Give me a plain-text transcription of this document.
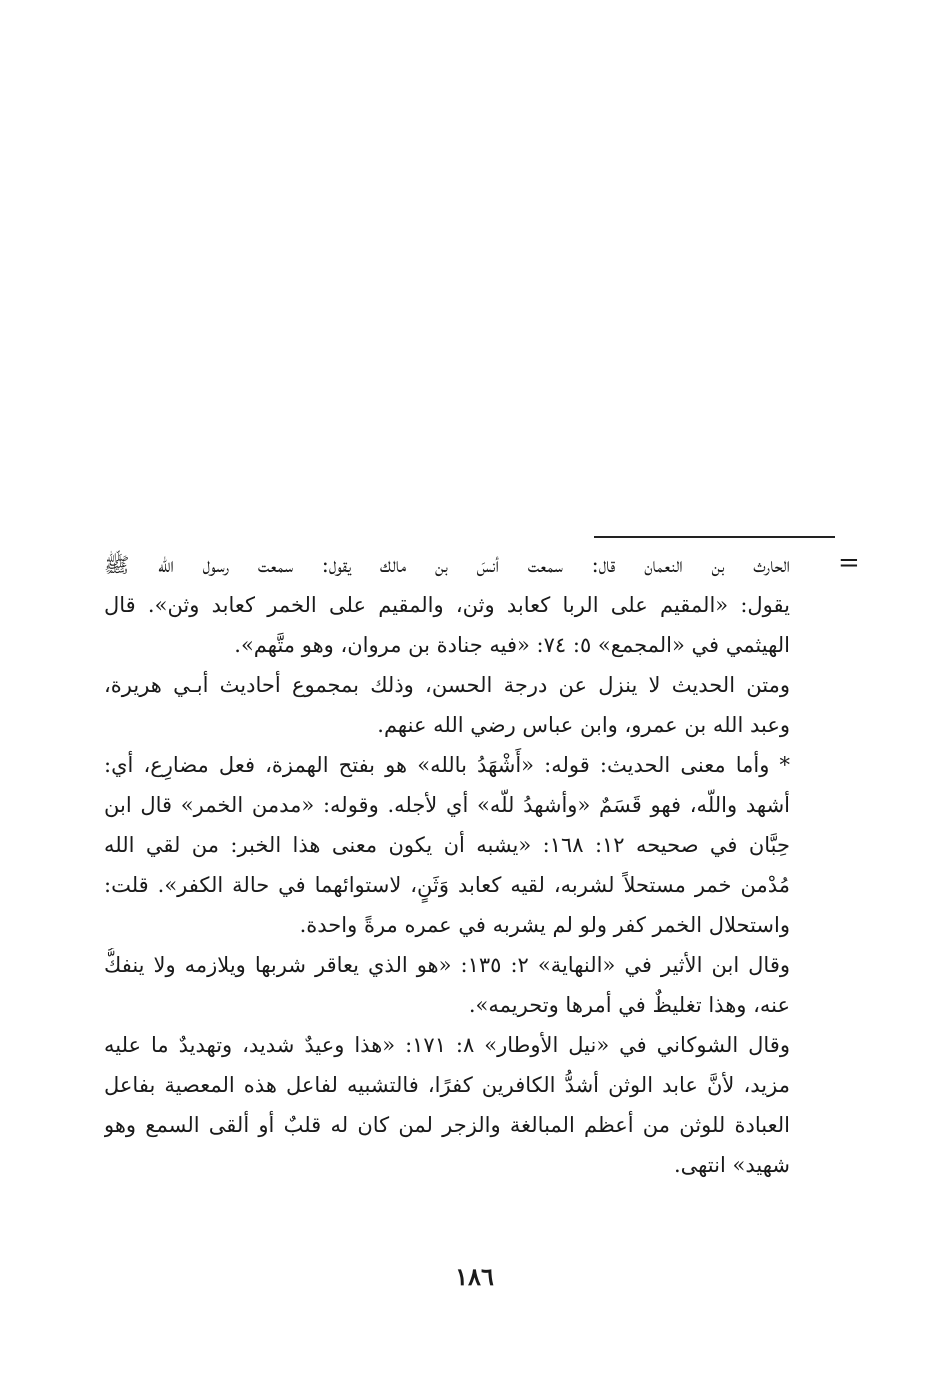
=
الحارث بن النعمان قال: سمعت أنسَ بن مالك يقول: سمعت رسول الله ﷺ
يقول: «المقيم على الربا كعابد وثن، والمقيم على الخمر كعابد وثن». قال
الهيثمي في «المجمع» ٥: ٧٤: «فيه جنادة بن مروان، وهو متَّهم».
ومتن الحديث لا ينزل عن درجة الحسن، وذلك بمجموع أحاديث أبـي هريرة،
وعبد الله بن عمرو، وابن عباس رضي الله عنهم.
* وأما معنى الحديث: قوله: «أَشْهَدُ بالله» هو بفتح الهمزة، فعل مضارِع، أي:
أشهد واللّه، فهو قَسَمٌ «وأشهدُ للّه» أي لأجله. وقوله: «مدمن الخمر» قال ابن
حِبَّان في صحيحه ١٢: ١٦٨: «يشبه أن يكون معنى هذا الخبر: من لقي الله
مُدْمن خمر مستحلاً لشربه، لقيه كعابد وَثَنٍ، لاستوائهما في حالة الكفر». قلت:
واستحلال الخمر كفر ولو لم يشربه في عمره مرةً واحدة.
وقال ابن الأثير في «النهاية» ٢: ١٣٥: «هو الذي يعاقر شربها ويلازمه ولا ينفكُّ
عنه، وهذا تغليظٌ في أمرها وتحريمه».
وقال الشوكاني في «نيل الأوطار» ٨: ١٧١: «هذا وعيدٌ شديد، وتهديدٌ ما عليه
مزيد، لأنَّ عابد الوثن أشدُّ الكافرين كفرًا، فالتشبيه لفاعل هذه المعصية بفاعل
العبادة للوثن من أعظم المبالغة والزجر لمن كان له قلبٌ أو ألقى السمع وهو
شهيد» انتهى.
١٨٦
